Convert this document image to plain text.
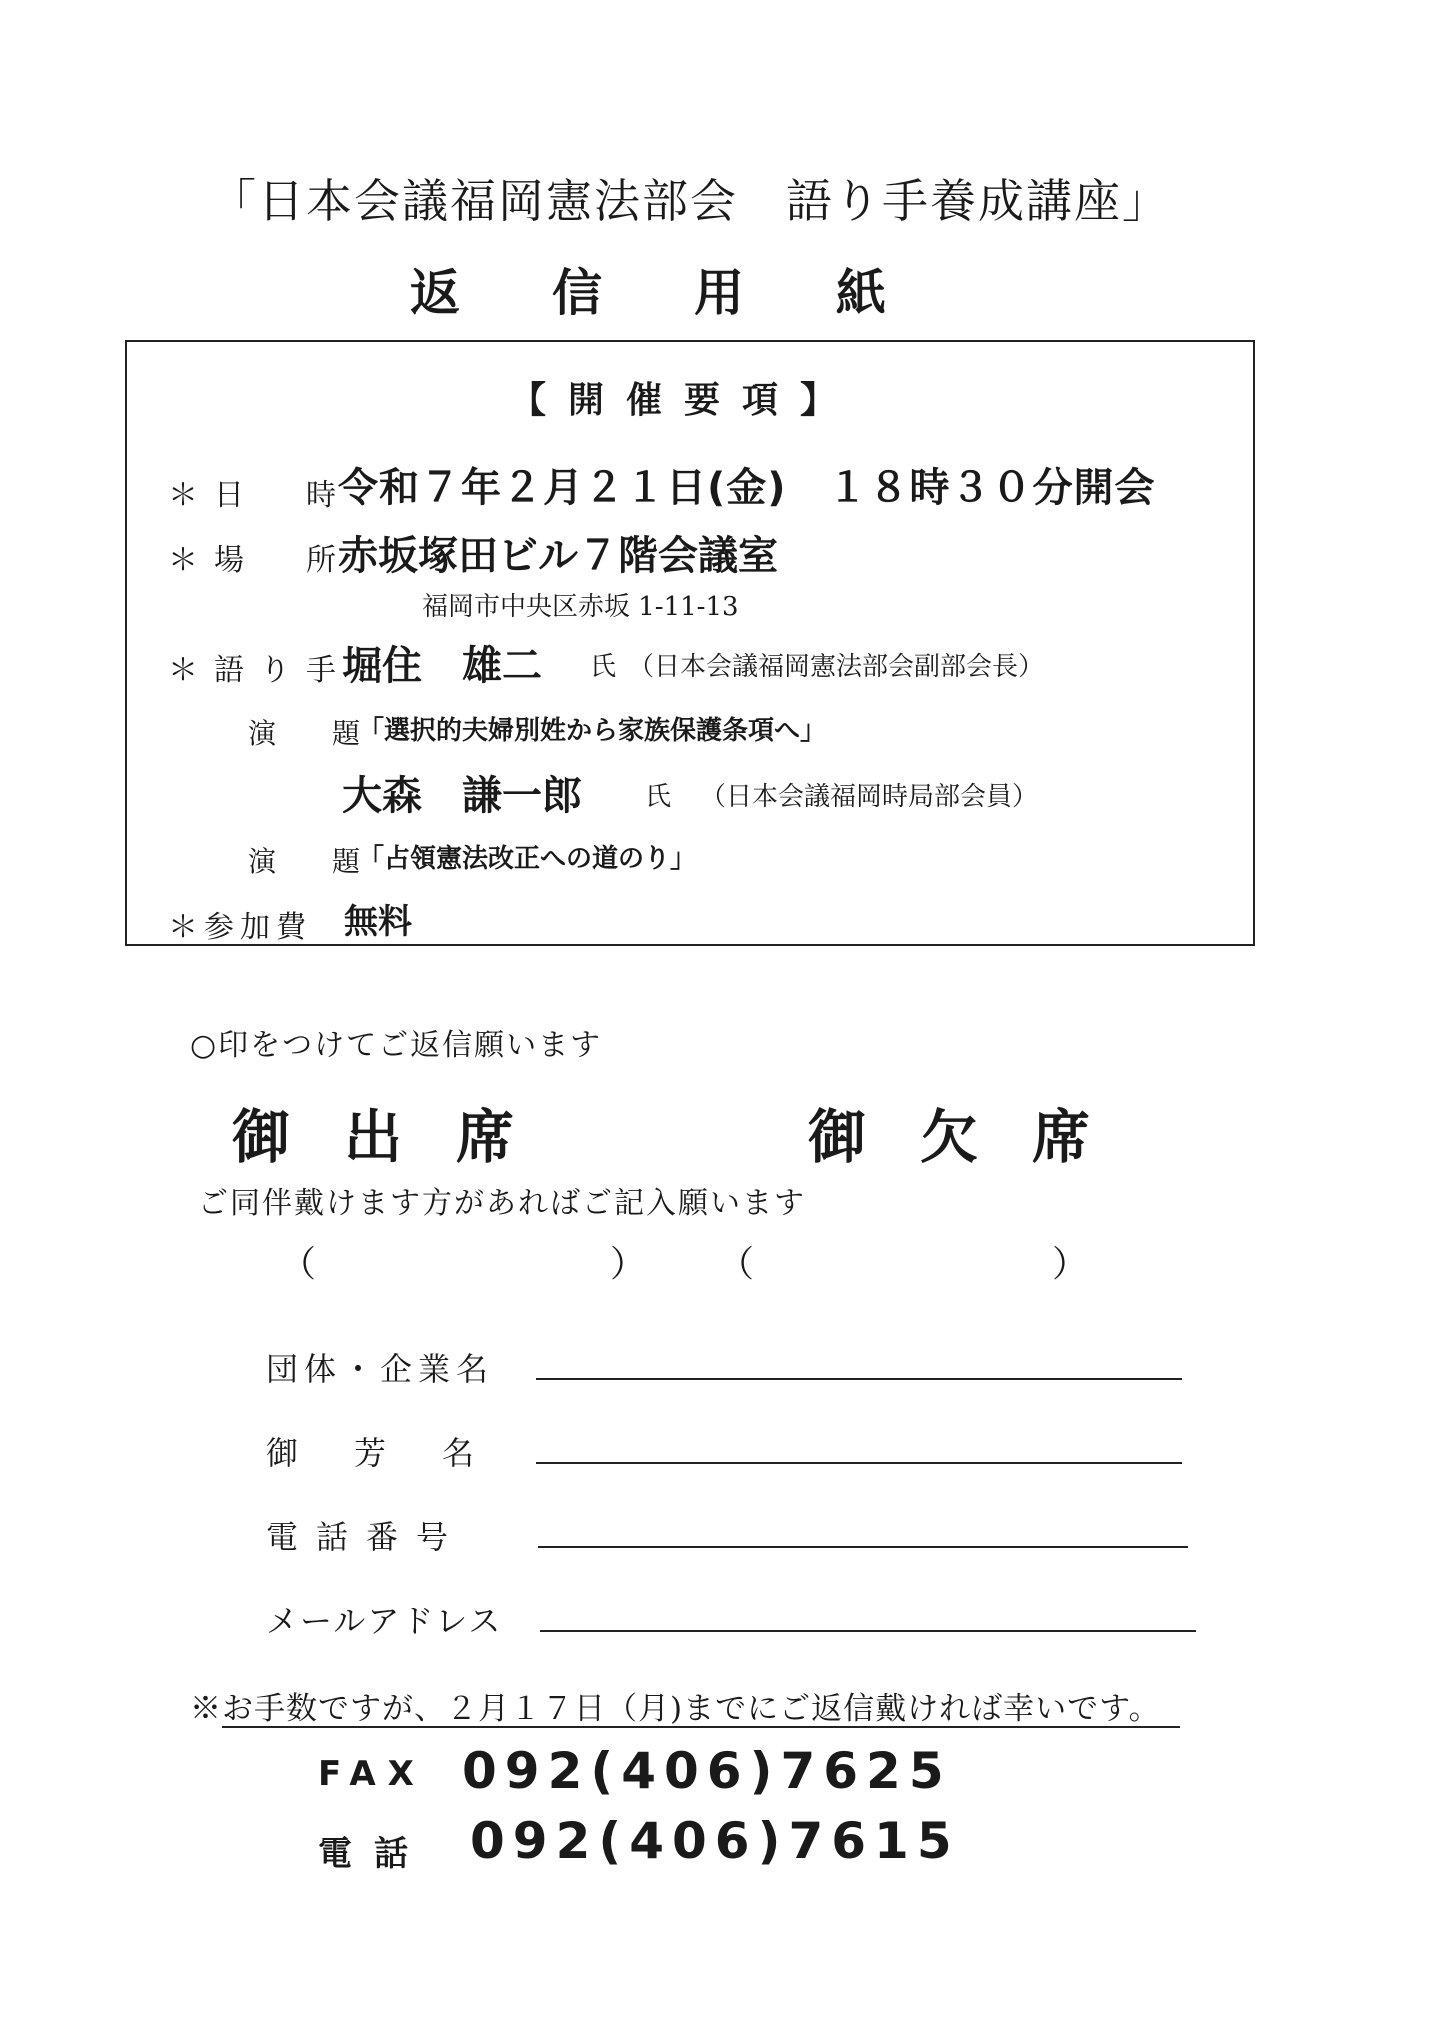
「日本会議福岡憲法部会　語り手養成講座」
返信用紙
【開催要項】
＊日　時
令和７年２月２１日(金)　１８時３０分開会
＊場　所
赤坂塚田ビル７階会議室
福岡市中央区赤坂 1-11-13
＊語り手
堀住　雄二 氏 （日本会議福岡憲法部会副部会長）
演　題
「選択的夫婦別姓から家族保護条項へ」
大森　謙一郎 氏 （日本会議福岡時局部会員）
演　題
「占領憲法改正への道のり」
＊参加費 無料
○印をつけてご返信願います
御出席	御欠席
ご同伴戴けます方があればご記入願います
（	） （	）
団体・企業名
御　芳　名
電話番号
メールアドレス
※お手数ですが、２月１７日（月)までにご返信戴ければ幸いです。
FAX 092(406)7625
電話 092(406)7615
